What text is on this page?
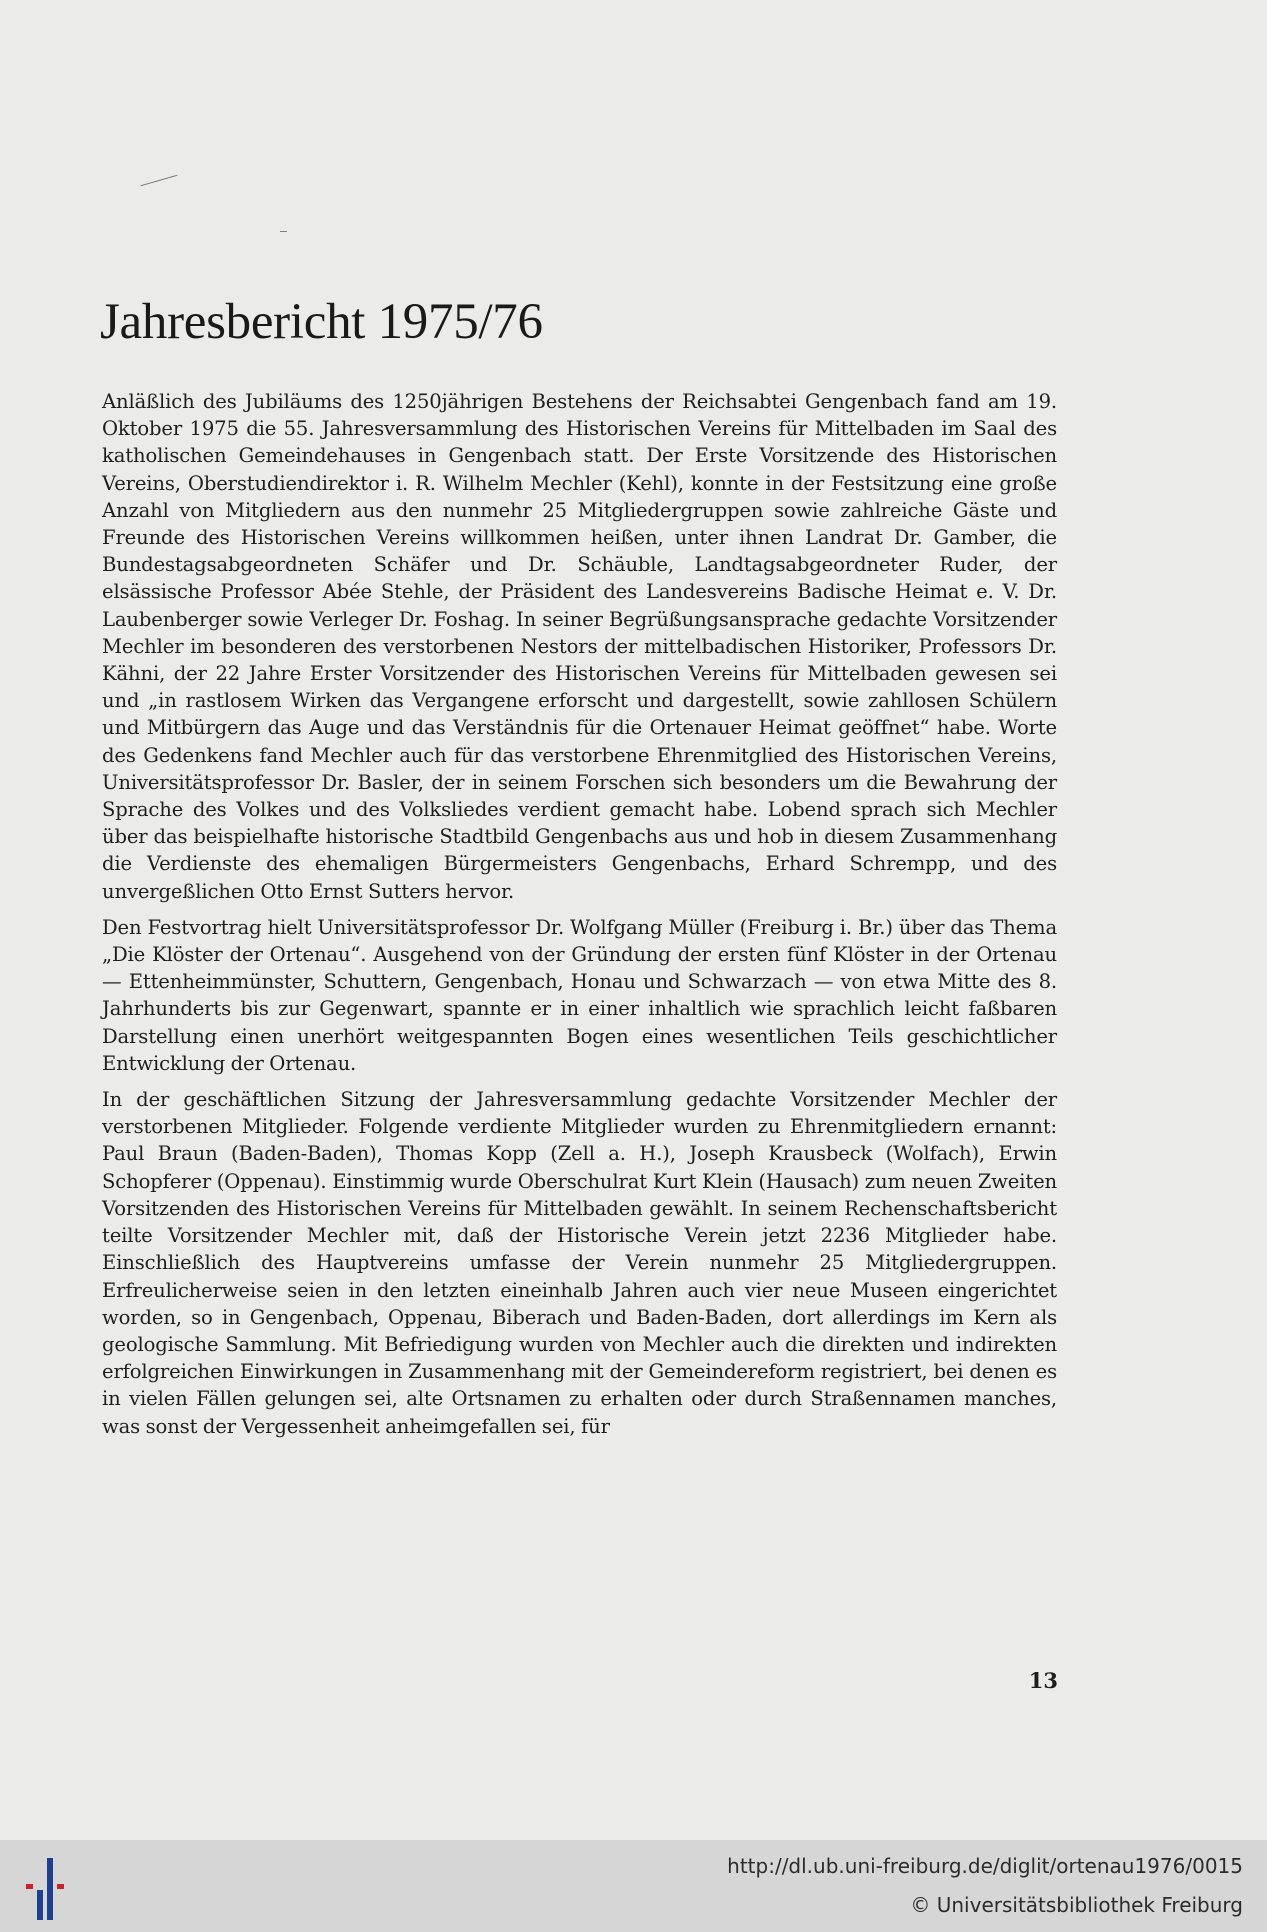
Jahresbericht 1975/76

Anläßlich des Jubiläums des 1250jährigen Bestehens der Reichsabtei Gengenbach fand am 19. Oktober 1975 die 55. Jahresversammlung des Historischen Vereins für Mittelbaden im Saal des katholischen Gemeindehauses in Gengenbach statt. Der Erste Vorsitzende des Historischen Vereins, Oberstudiendirektor i. R. Wilhelm Mechler (Kehl), konnte in der Festsitzung eine große Anzahl von Mitgliedern aus den nunmehr 25 Mitgliedergruppen sowie zahlreiche Gäste und Freunde des Historischen Vereins willkommen heißen, unter ihnen Landrat Dr. Gamber, die Bundestagsabgeordneten Schäfer und Dr. Schäuble, Landtagsabgeordneter Ruder, der elsässische Professor Abée Stehle, der Präsident des Landesvereins Badische Heimat e. V. Dr. Laubenberger sowie Verleger Dr. Foshag. In seiner Begrüßungsansprache gedachte Vorsitzender Mechler im besonderen des verstorbenen Nestors der mittelbadischen Historiker, Professors Dr. Kähni, der 22 Jahre Erster Vorsitzender des Historischen Vereins für Mittelbaden gewesen sei und „in rastlosem Wirken das Vergangene erforscht und dargestellt, sowie zahllosen Schülern und Mitbürgern das Auge und das Verständnis für die Ortenauer Heimat geöffnet“ habe. Worte des Gedenkens fand Mechler auch für das verstorbene Ehrenmitglied des Historischen Vereins, Universitätsprofessor Dr. Basler, der in seinem Forschen sich besonders um die Bewahrung der Sprache des Volkes und des Volksliedes verdient gemacht habe. Lobend sprach sich Mechler über das beispielhafte historische Stadtbild Gengenbachs aus und hob in diesem Zusammenhang die Verdienste des ehemaligen Bürgermeisters Gengenbachs, Erhard Schrempp, und des unvergeßlichen Otto Ernst Sutters hervor.

Den Festvortrag hielt Universitätsprofessor Dr. Wolfgang Müller (Freiburg i. Br.) über das Thema „Die Klöster der Ortenau“. Ausgehend von der Gründung der ersten fünf Klöster in der Ortenau — Ettenheimmünster, Schuttern, Gengenbach, Honau und Schwarzach — von etwa Mitte des 8. Jahrhunderts bis zur Gegenwart, spannte er in einer inhaltlich wie sprachlich leicht faßbaren Darstellung einen unerhört weitgespannten Bogen eines wesentlichen Teils geschichtlicher Entwicklung der Ortenau.

In der geschäftlichen Sitzung der Jahresversammlung gedachte Vorsitzender Mechler der verstorbenen Mitglieder. Folgende verdiente Mitglieder wurden zu Ehrenmitgliedern ernannt: Paul Braun (Baden-Baden), Thomas Kopp (Zell a. H.), Joseph Krausbeck (Wolfach), Erwin Schopferer (Oppenau). Einstimmig wurde Oberschulrat Kurt Klein (Hausach) zum neuen Zweiten Vorsitzenden des Historischen Vereins für Mittelbaden gewählt. In seinem Rechenschaftsbericht teilte Vorsitzender Mechler mit, daß der Historische Verein jetzt 2236 Mitglieder habe. Einschließlich des Hauptvereins umfasse der Verein nunmehr 25 Mitgliedergruppen. Erfreulicherweise seien in den letzten eineinhalb Jahren auch vier neue Museen eingerichtet worden, so in Gengenbach, Oppenau, Biberach und Baden-Baden, dort allerdings im Kern als geologische Sammlung. Mit Befriedigung wurden von Mechler auch die direkten und indirekten erfolgreichen Einwirkungen in Zusammenhang mit der Gemeindereform registriert, bei denen es in vielen Fällen gelungen sei, alte Ortsnamen zu erhalten oder durch Straßennamen manches, was sonst der Vergessenheit anheimgefallen sei, für

13
http://dl.ub.uni-freiburg.de/diglit/ortenau1976/0015
© Universitätsbibliothek Freiburg
